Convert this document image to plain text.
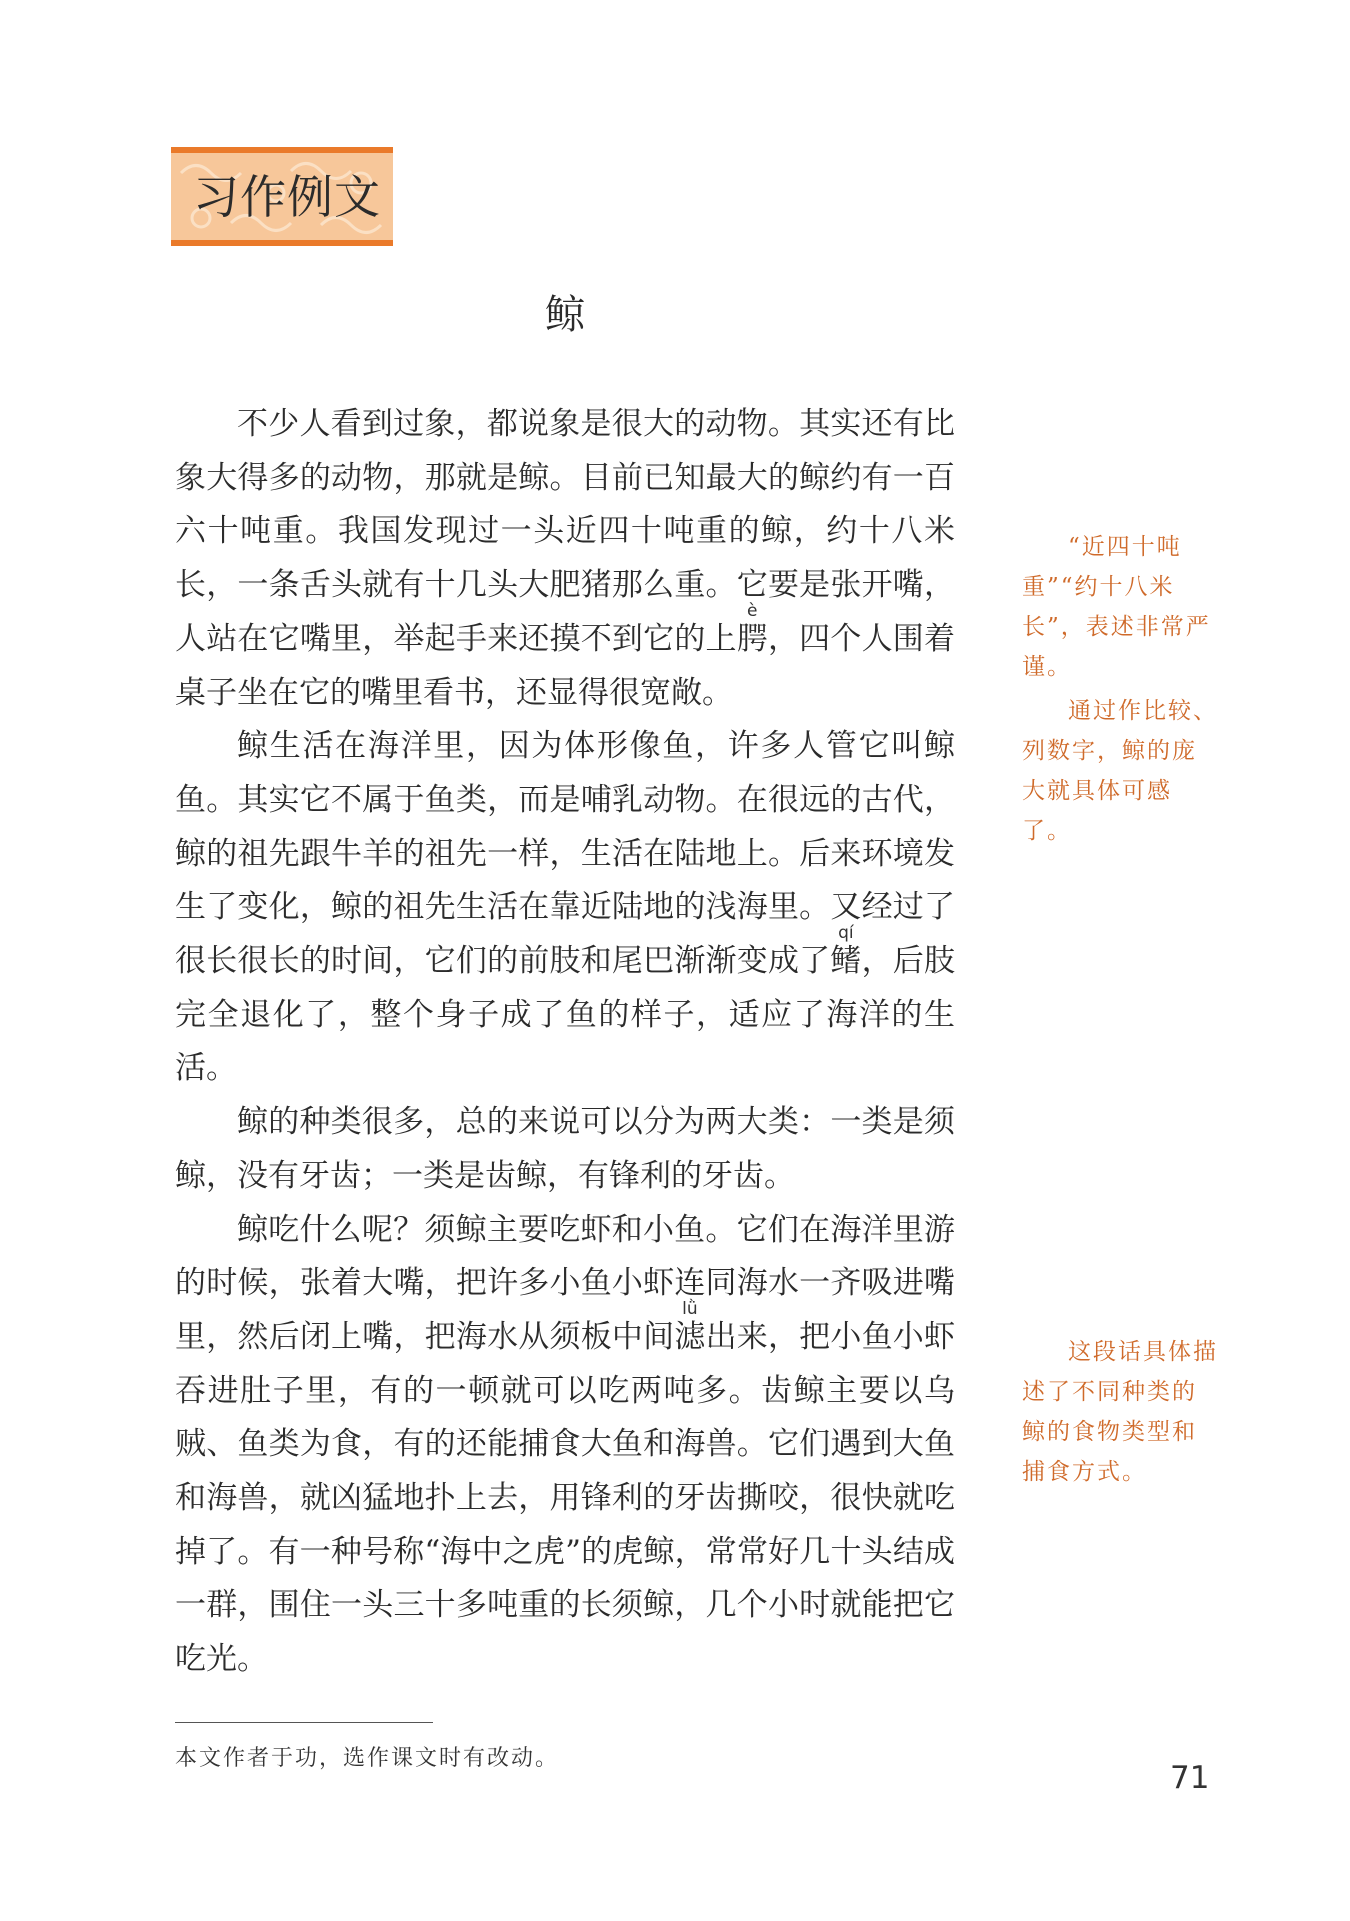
习作例文
鲸

不少人看到过象，都说象是很大的动物。其实还有比象大得多的动物，那就是鲸。目前已知最大的鲸约有一百六十吨重。我国发现过一头近四十吨重的鲸，约十八米长，一条舌头就有十几头大肥猪那么重。它要是张开嘴，人站在它嘴里，举起手来还摸不到它的上腭è，四个人围着桌子坐在它的嘴里看书，还显得很宽敞。

鲸生活在海洋里，因为体形像鱼，许多人管它叫鲸鱼。其实它不属于鱼类，而是哺乳动物。在很远的古代，鲸的祖先跟牛羊的祖先一样，生活在陆地上。后来环境发生了变化，鲸的祖先生活在靠近陆地的浅海里。又经过了很长很长的时间，它们的前肢和尾巴渐渐变成了鳍qí，后肢完全退化了，整个身子成了鱼的样子，适应了海洋的生活。

鲸的种类很多，总的来说可以分为两大类：一类是须鲸，没有牙齿；一类是齿鲸，有锋利的牙齿。

鲸吃什么呢？须鲸主要吃虾和小鱼。它们在海洋里游的时候，张着大嘴，把许多小鱼小虾连同海水一齐吸进嘴里，然后闭上嘴，把海水从须板中间滤lǜ出来，把小鱼小虾吞进肚子里，有的一顿就可以吃两吨多。齿鲸主要以乌贼、鱼类为食，有的还能捕食大鱼和海兽。它们遇到大鱼和海兽，就凶猛地扑上去，用锋利的牙齿撕咬，很快就吃掉了。有一种号称“海中之虎”的虎鲸，常常好几十头结成一群，围住一头三十多吨重的长须鲸，几个小时就能把它吃光。

“近四十吨重”“约十八米长”，表述非常严谨。

通过作比较、列数字，鲸的庞大就具体可感了。

这段话具体描述了不同种类的鲸的食物类型和捕食方式。

本文作者于功，选作课文时有改动。
71
